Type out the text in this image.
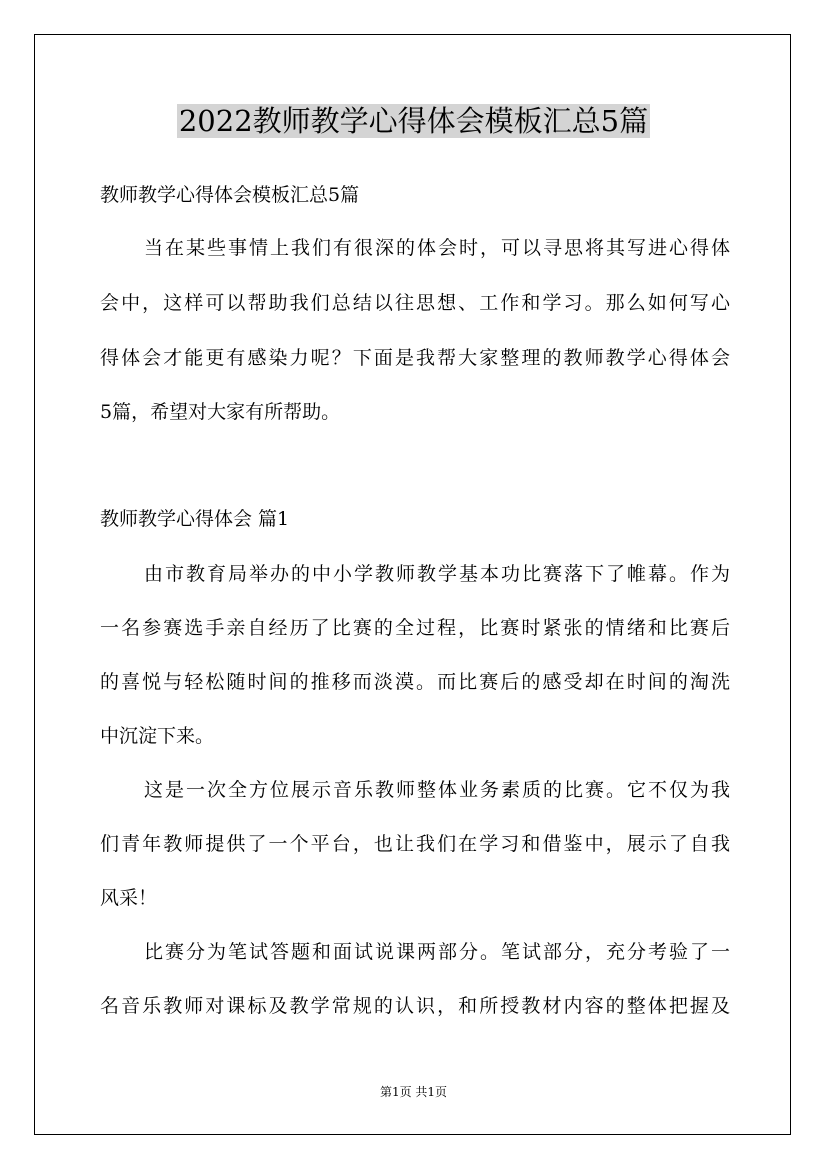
2022教师教学心得体会模板汇总5篇

教师教学心得体会模板汇总5篇

当在某些事情上我们有很深的体会时，可以寻思将其写进心得体

会中，这样可以帮助我们总结以往思想、工作和学习。那么如何写心

得体会才能更有感染力呢？下面是我帮大家整理的教师教学心得体会

5篇，希望对大家有所帮助。

教师教学心得体会 篇1

由市教育局举办的中小学教师教学基本功比赛落下了帷幕。作为

一名参赛选手亲自经历了比赛的全过程，比赛时紧张的情绪和比赛后

的喜悦与轻松随时间的推移而淡漠。而比赛后的感受却在时间的淘洗

中沉淀下来。

这是一次全方位展示音乐教师整体业务素质的比赛。它不仅为我

们青年教师提供了一个平台，也让我们在学习和借鉴中，展示了自我

风采！

比赛分为笔试答题和面试说课两部分。笔试部分，充分考验了一

名音乐教师对课标及教学常规的认识，和所授教材内容的整体把握及

第1页 共1页
